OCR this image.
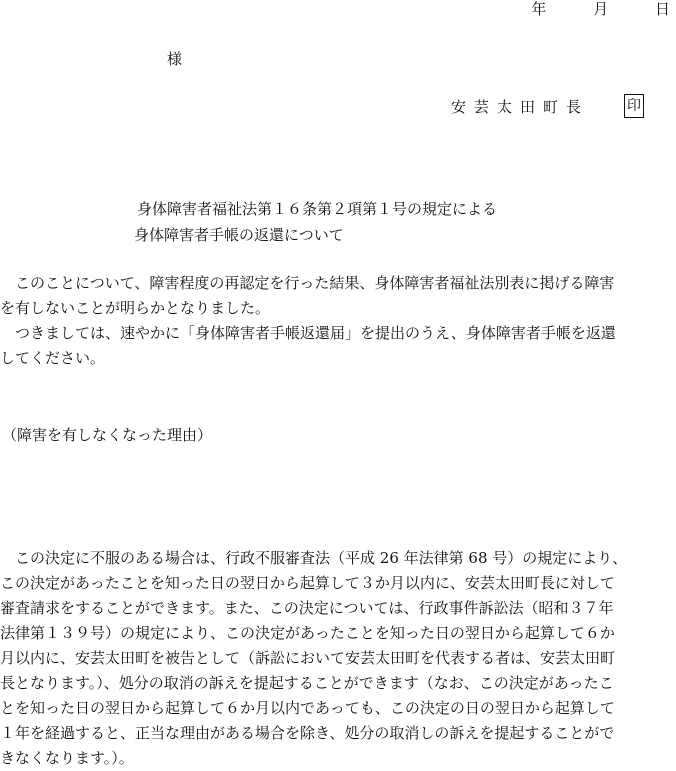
年	月	日
様
安芸太田町長	印
身体障害者福祉法第１６条第２項第１号の規定による
身体障害者手帳の返還について
　このことについて、障害程度の再認定を行った結果、身体障害者福祉法別表に掲げる障害
を有しないことが明らかとなりました。
　つきましては、速やかに「身体障害者手帳返還届」を提出のうえ、身体障害者手帳を返還
してください。
（障害を有しなくなった理由）
　この決定に不服のある場合は、行政不服審査法（平成 26 年法律第 68 号）の規定により、
この決定があったことを知った日の翌日から起算して３か月以内に、安芸太田町長に対して
審査請求をすることができます。また、この決定については、行政事件訴訟法（昭和３７年
法律第１３９号）の規定により、この決定があったことを知った日の翌日から起算して６か
月以内に、安芸太田町を被告として（訴訟において安芸太田町を代表する者は、安芸太田町
長となります。）、処分の取消の訴えを提起することができます（なお、この決定があったこ
とを知った日の翌日から起算して６か月以内であっても、この決定の日の翌日から起算して
１年を経過すると、正当な理由がある場合を除き、処分の取消しの訴えを提起することがで
きなくなります。）。
